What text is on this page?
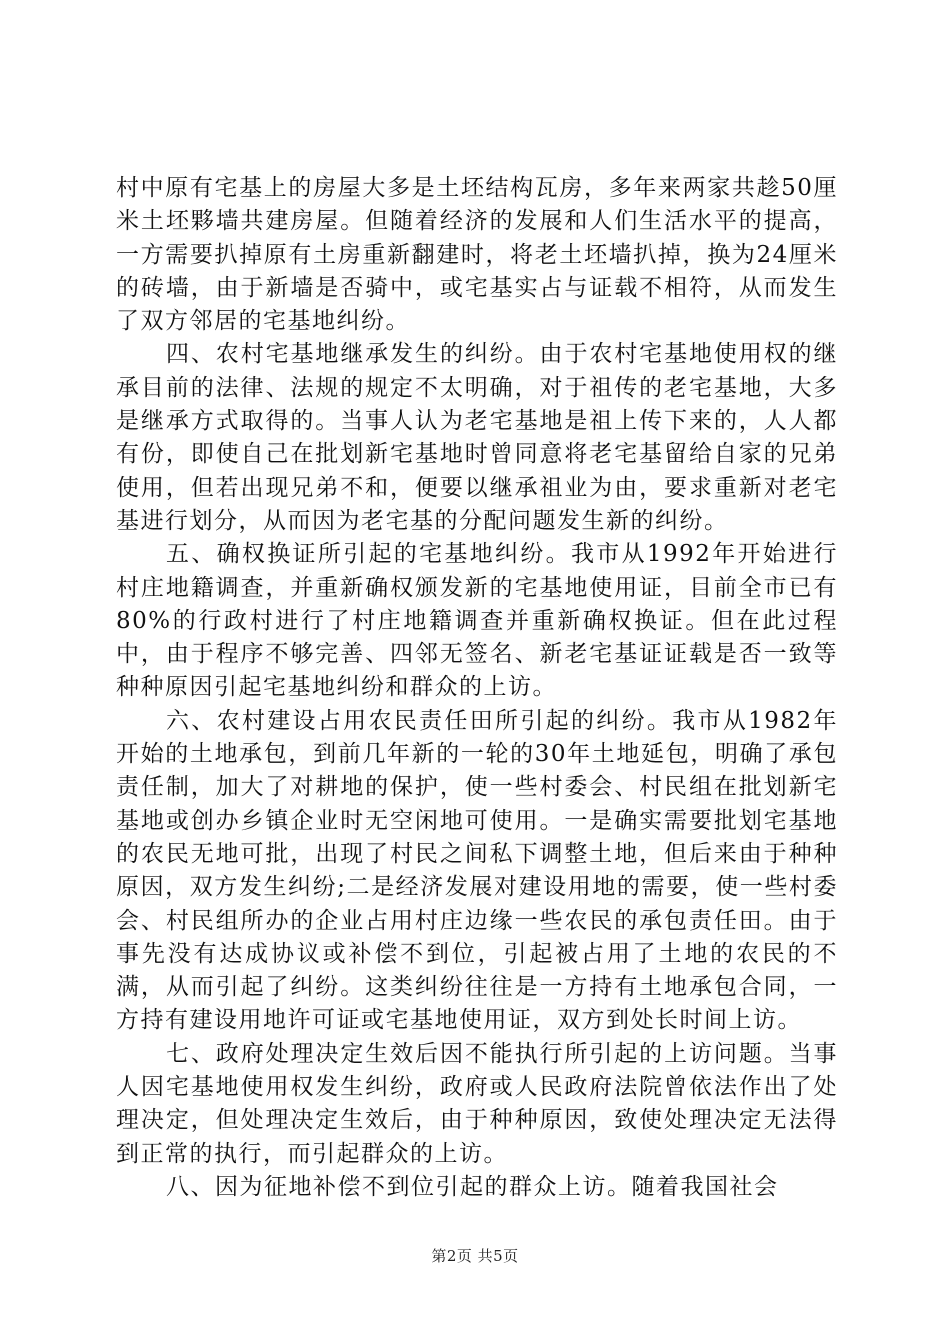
村中原有宅基上的房屋大多是土坯结构瓦房，多年来两家共趁50厘米土坯夥墙共建房屋。但随着经济的发展和人们生活水平的提高，一方需要扒掉原有土房重新翻建时，将老土坯墙扒掉，换为24厘米的砖墙，由于新墙是否骑中，或宅基实占与证载不相符，从而发生了双方邻居的宅基地纠纷。

四、农村宅基地继承发生的纠纷。由于农村宅基地使用权的继承目前的法律、法规的规定不太明确，对于祖传的老宅基地，大多是继承方式取得的。当事人认为老宅基地是祖上传下来的，人人都有份，即使自己在批划新宅基地时曾同意将老宅基留给自家的兄弟使用，但若出现兄弟不和，便要以继承祖业为由，要求重新对老宅基进行划分，从而因为老宅基的分配问题发生新的纠纷。

五、确权换证所引起的宅基地纠纷。我市从1992年开始进行村庄地籍调查，并重新确权颁发新的宅基地使用证，目前全市已有80%的行政村进行了村庄地籍调查并重新确权换证。但在此过程中，由于程序不够完善、四邻无签名、新老宅基证证载是否一致等种种原因引起宅基地纠纷和群众的上访。

六、农村建设占用农民责任田所引起的纠纷。我市从1982年开始的土地承包，到前几年新的一轮的30年土地延包，明确了承包责任制，加大了对耕地的保护，使一些村委会、村民组在批划新宅基地或创办乡镇企业时无空闲地可使用。一是确实需要批划宅基地的农民无地可批，出现了村民之间私下调整土地，但后来由于种种原因，双方发生纠纷;二是经济发展对建设用地的需要，使一些村委会、村民组所办的企业占用村庄边缘一些农民的承包责任田。由于事先没有达成协议或补偿不到位，引起被占用了土地的农民的不满，从而引起了纠纷。这类纠纷往往是一方持有土地承包合同，一方持有建设用地许可证或宅基地使用证，双方到处长时间上访。

七、政府处理决定生效后因不能执行所引起的上访问题。当事人因宅基地使用权发生纠纷，政府或人民政府法院曾依法作出了处理决定，但处理决定生效后，由于种种原因，致使处理决定无法得到正常的执行，而引起群众的上访。

八、因为征地补偿不到位引起的群众上访。随着我国社会

第2页 共5页
